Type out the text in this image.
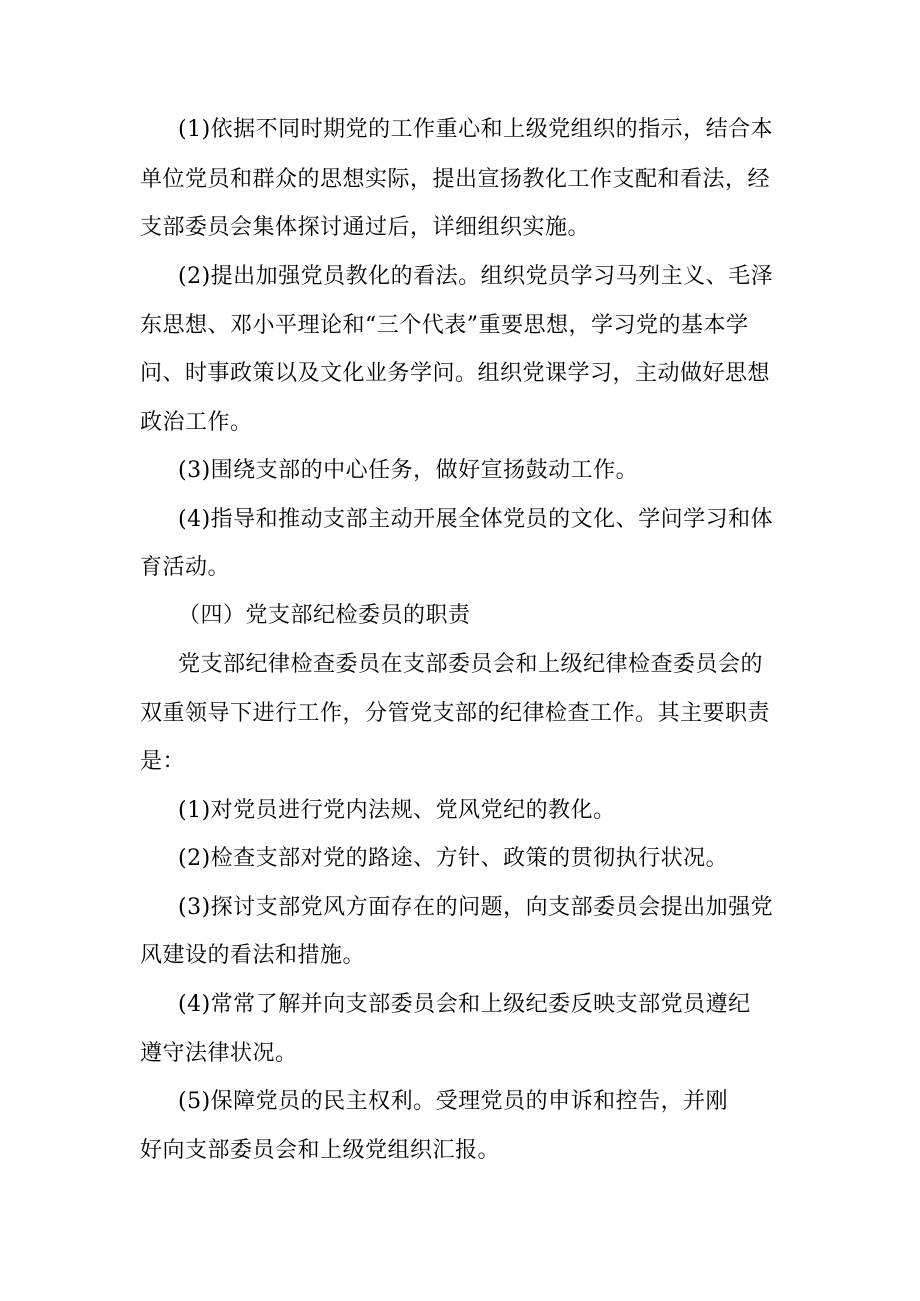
(1)依据不同时期党的工作重心和上级党组织的指示，结合本
单位党员和群众的思想实际，提出宣扬教化工作支配和看法，经
支部委员会集体探讨通过后，详细组织实施。
(2)提出加强党员教化的看法。组织党员学习马列主义、毛泽
东思想、邓小平理论和“三个代表”重要思想，学习党的基本学
问、时事政策以及文化业务学问。组织党课学习，主动做好思想
政治工作。
(3)围绕支部的中心任务，做好宣扬鼓动工作。
(4)指导和推动支部主动开展全体党员的文化、学问学习和体
育活动。
（四）党支部纪检委员的职责
党支部纪律检查委员在支部委员会和上级纪律检查委员会的
双重领导下进行工作，分管党支部的纪律检查工作。其主要职责
是：
(1)对党员进行党内法规、党风党纪的教化。
(2)检查支部对党的路途、方针、政策的贯彻执行状况。
(3)探讨支部党风方面存在的问题，向支部委员会提出加强党
风建设的看法和措施。
(4)常常了解并向支部委员会和上级纪委反映支部党员遵纪
遵守法律状况。
(5)保障党员的民主权利。受理党员的申诉和控告，并刚
好向支部委员会和上级党组织汇报。
